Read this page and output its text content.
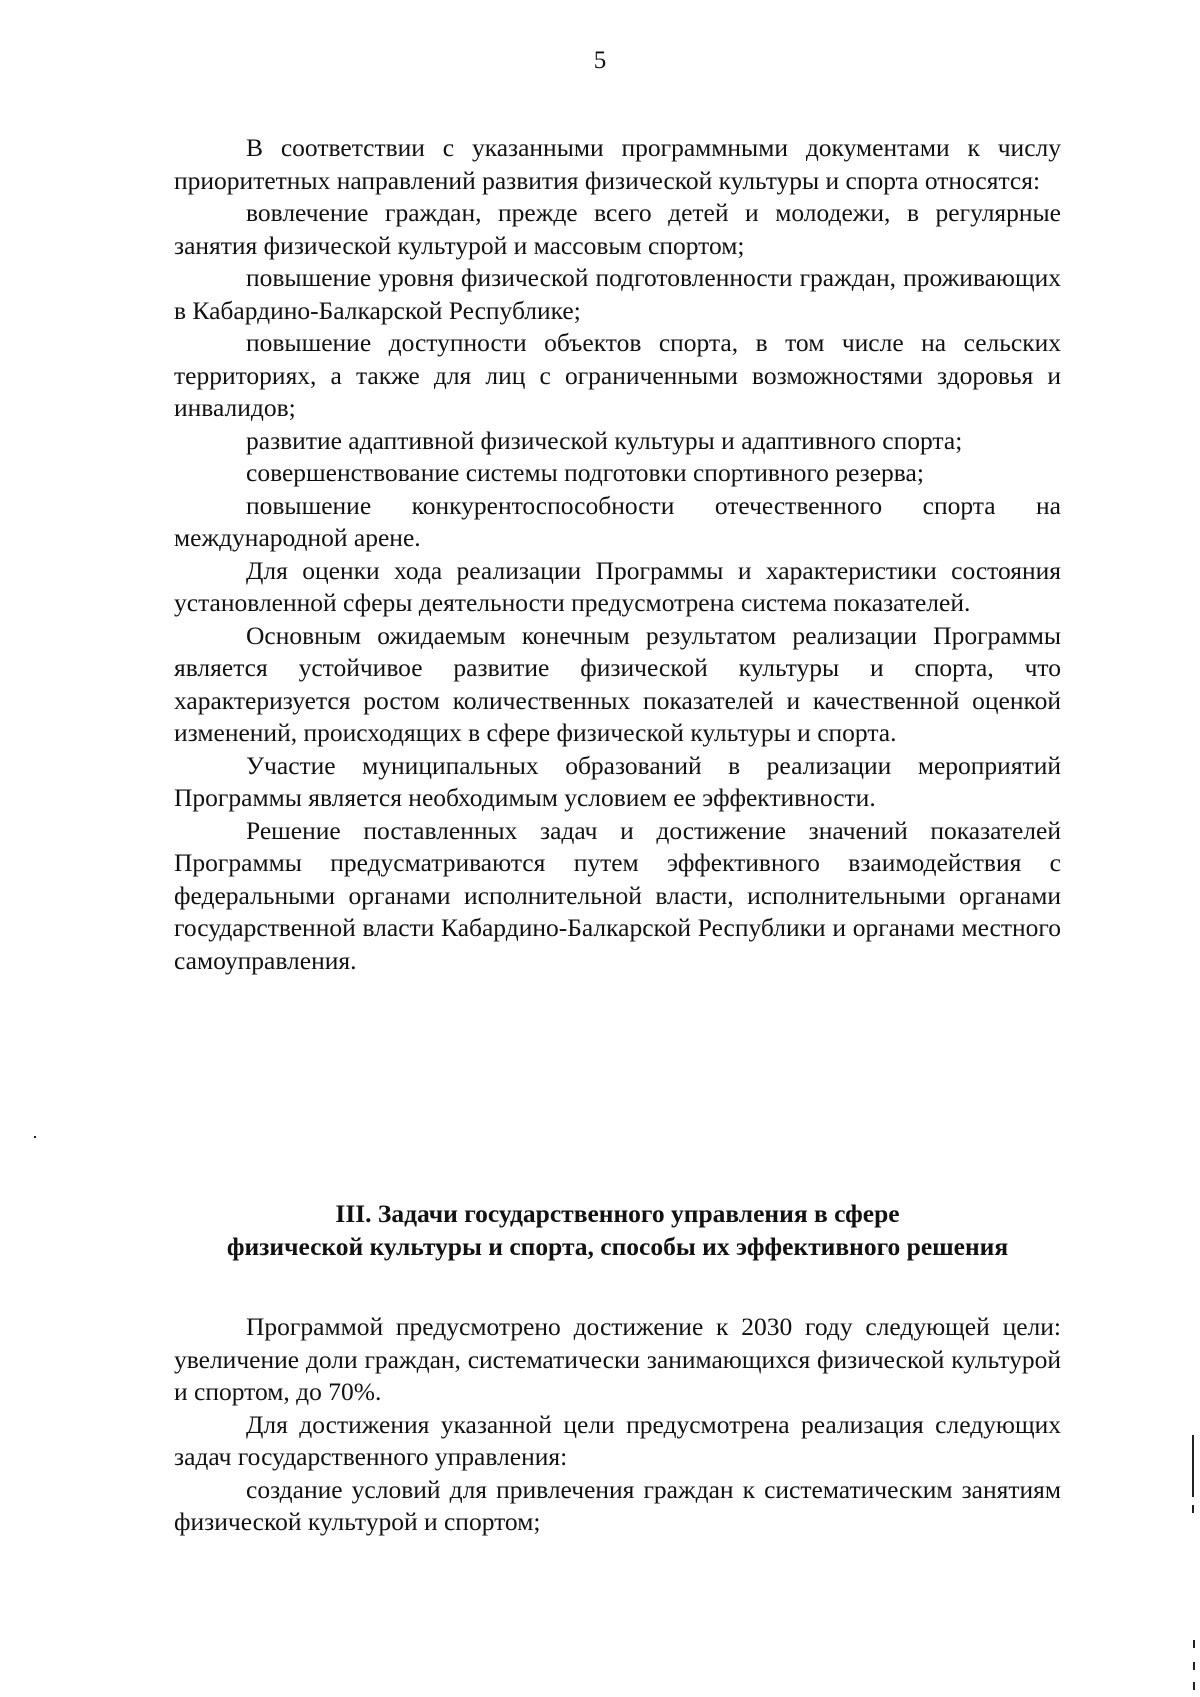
5

В соответствии с указанными программными документами к числу приоритетных направлений развития физической культуры и спорта относятся:

вовлечение граждан, прежде всего детей и молодежи, в регулярные занятия физической культурой и массовым спортом;

повышение уровня физической подготовленности граждан, проживающих в Кабардино-Балкарской Республике;

повышение доступности объектов спорта, в том числе на сельских территориях, а также для лиц с ограниченными возможностями здоровья и инвалидов;

развитие адаптивной физической культуры и адаптивного спорта;

совершенствование системы подготовки спортивного резерва;

повышение конкурентоспособности отечественного спорта на международной арене.

Для оценки хода реализации Программы и характеристики состояния установленной сферы деятельности предусмотрена система показателей.

Основным ожидаемым конечным результатом реализации Программы является устойчивое развитие физической культуры и спорта, что характеризуется ростом количественных показателей и качественной оценкой изменений, происходящих в сфере физической культуры и спорта.

Участие муниципальных образований в реализации мероприятий Программы является необходимым условием ее эффективности.

Решение поставленных задач и достижение значений показателей Программы предусматриваются путем эффективного взаимодействия с федеральными органами исполнительной власти, исполнительными органами государственной власти Кабардино-Балкарской Республики и органами местного самоуправления.

III. Задачи государственного управления в сфере
физической культуры и спорта, способы их эффективного решения

Программой предусмотрено достижение к 2030 году следующей цели: увеличение доли граждан, систематически занимающихся физической культурой и спортом, до 70%.

Для достижения указанной цели предусмотрена реализация следующих задач государственного управления:

создание условий для привлечения граждан к систематическим занятиям физической культурой и спортом;
